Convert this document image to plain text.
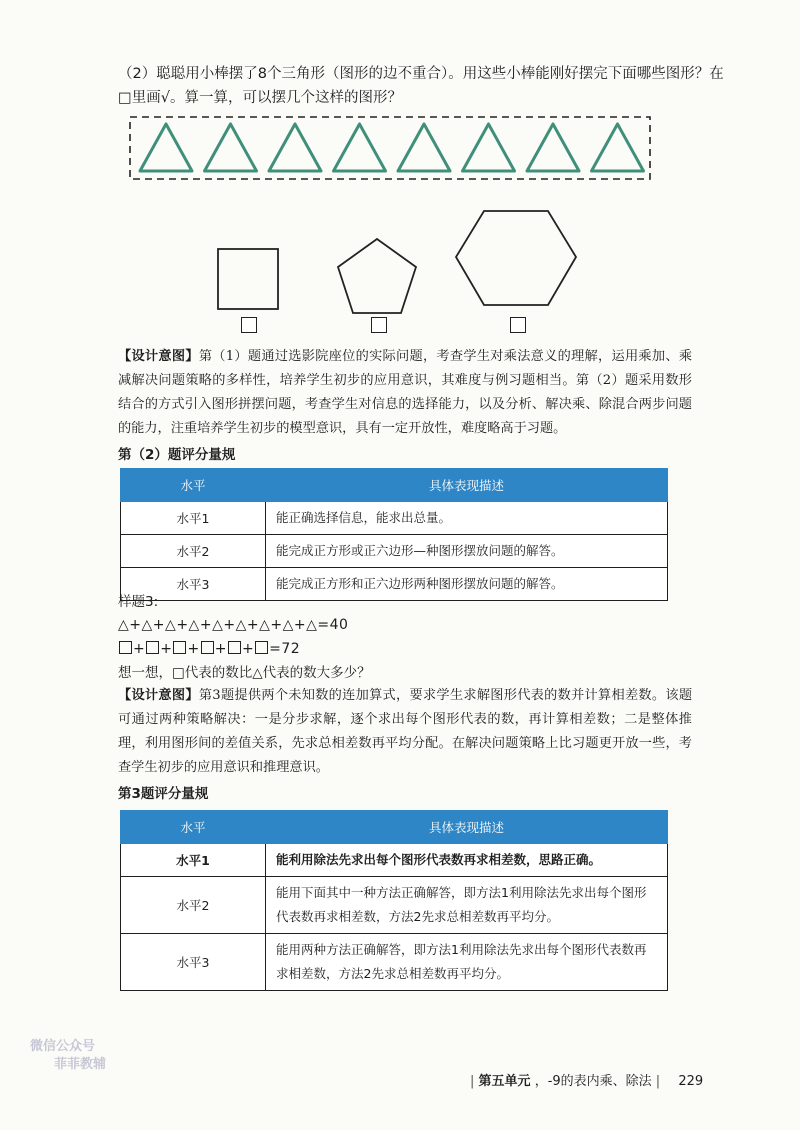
（2）聪聪用小棒摆了8个三角形（图形的边不重合）。用这些小棒能刚好摆完下面哪些图形？在
□里画√。算一算，可以摆几个这样的图形？
【设计意图】第（1）题通过选影院座位的实际问题，考查学生对乘法意义的理解，运用乘加、乘减解决问题策略的多样性，培养学生初步的应用意识，其难度与例习题相当。第（2）题采用数形结合的方式引入图形拼摆问题，考查学生对信息的选择能力，以及分析、解决乘、除混合两步问题的能力，注重培养学生初步的模型意识，具有一定开放性，难度略高于习题。
第（2）题评分量规
水平	具体表现描述
水平1	能正确选择信息，能求出总量。
水平2	能完成正方形或正六边形—种图形摆放问题的解答。
水平3	能完成正方形和正六边形两种图形摆放问题的解答。
样题3:
△+△+△+△+△+△+△+△+△=40
+ + + + + =72
想一想，□代表的数比△代表的数大多少？
【设计意图】第3题提供两个未知数的连加算式，要求学生求解图形代表的数并计算相差数。该题可通过两种策略解决：一是分步求解，逐个求出每个图形代表的数，再计算相差数；二是整体推理，利用图形间的差值关系，先求总相差数再平均分配。在解决问题策略上比习题更开放一些，考查学生初步的应用意识和推理意识。
第3题评分量规
水平	具体表现描述
水平1	能利用除法先求出每个图形代表数再求相差数，思路正确。
水平2	能用下面其中一种方法正确解答，即方法1利用除法先求出每个图形代表数再求相差数，方法2先求总相差数再平均分。
水平3	能用两种方法正确解答，即方法1利用除法先求出每个图形代表数再求相差数，方法2先求总相差数再平均分。
微信公众号
菲菲教辅
| 第五单元 ，-9的表内乘、除法 | 229
